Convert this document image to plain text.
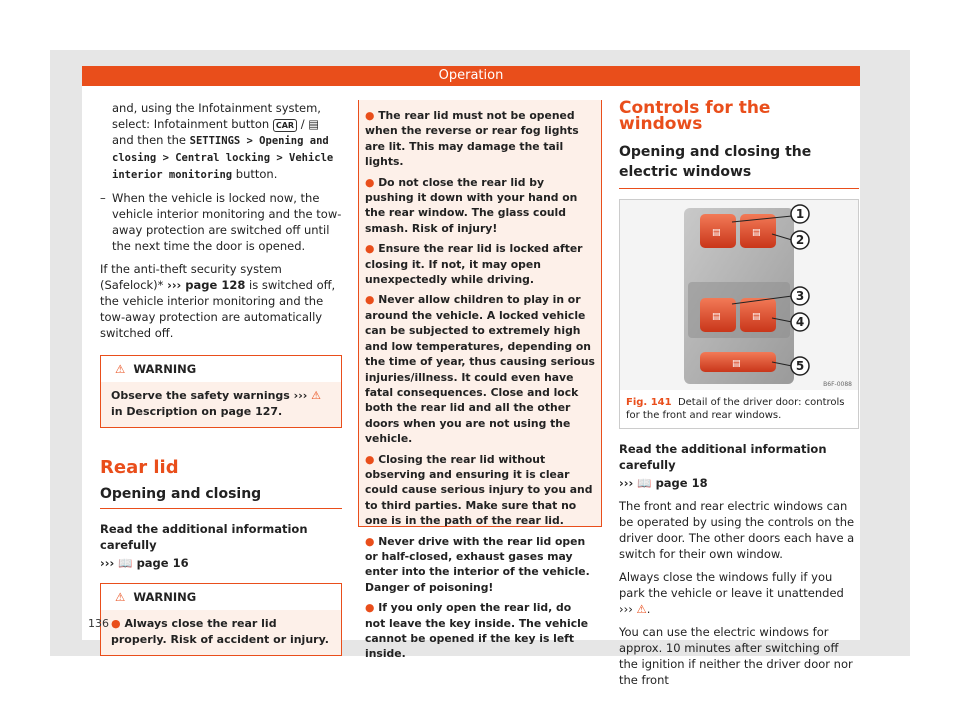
Operation

and, using the Infotainment system, select: Infotainment button CAR / ▤ and then the SETTINGS > Opening and closing > Central locking > Vehicle interior monitoring button.

– When the vehicle is locked now, the vehicle interior monitoring and the tow-away protection are switched off until the next time the door is opened.

If the anti-theft security system (Safelock)* ››› page 128 is switched off, the vehicle interior monitoring and the tow-away protection are automatically switched off.

⚠ WARNING
Observe the safety warnings ››› ⚠ in Description on page 127.
Rear lid
Opening and closing

Read the additional information carefully

››› 📖 page 16

⚠ WARNING
● Always close the rear lid properly. Risk of accident or injury.
● The rear lid must not be opened when the reverse or rear fog lights are lit. This may damage the tail lights.
● Do not close the rear lid by pushing it down with your hand on the rear window. The glass could smash. Risk of injury!
● Ensure the rear lid is locked after closing it. If not, it may open unexpectedly while driving.
● Never allow children to play in or around the vehicle. A locked vehicle can be subjected to extremely high and low temperatures, depending on the time of year, thus causing serious injuries/illness. It could even have fatal consequences. Close and lock both the rear lid and all the other doors when you are not using the vehicle.
● Closing the rear lid without observing and ensuring it is clear could cause serious injury to you and to third parties. Make sure that no one is in the path of the rear lid.
● Never drive with the rear lid open or half-closed, exhaust gases may enter into the interior of the vehicle. Danger of poisoning!
● If you only open the rear lid, do not leave the key inside. The vehicle cannot be opened if the key is left inside.
Controls for the windows
Opening and closing the electric windows
▤	▤
▤	▤
▤
1
2
3
4
5
B6F-0088
Fig. 141 Detail of the driver door: controls for the front and rear windows.

Read the additional information carefully

››› 📖 page 18

The front and rear electric windows can be operated by using the controls on the driver door. The other doors each have a switch for their own window.

Always close the windows fully if you park the vehicle or leave it unattended ››› ⚠.

You can use the electric windows for approx. 10 minutes after switching off the ignition if neither the driver door nor the front

136
